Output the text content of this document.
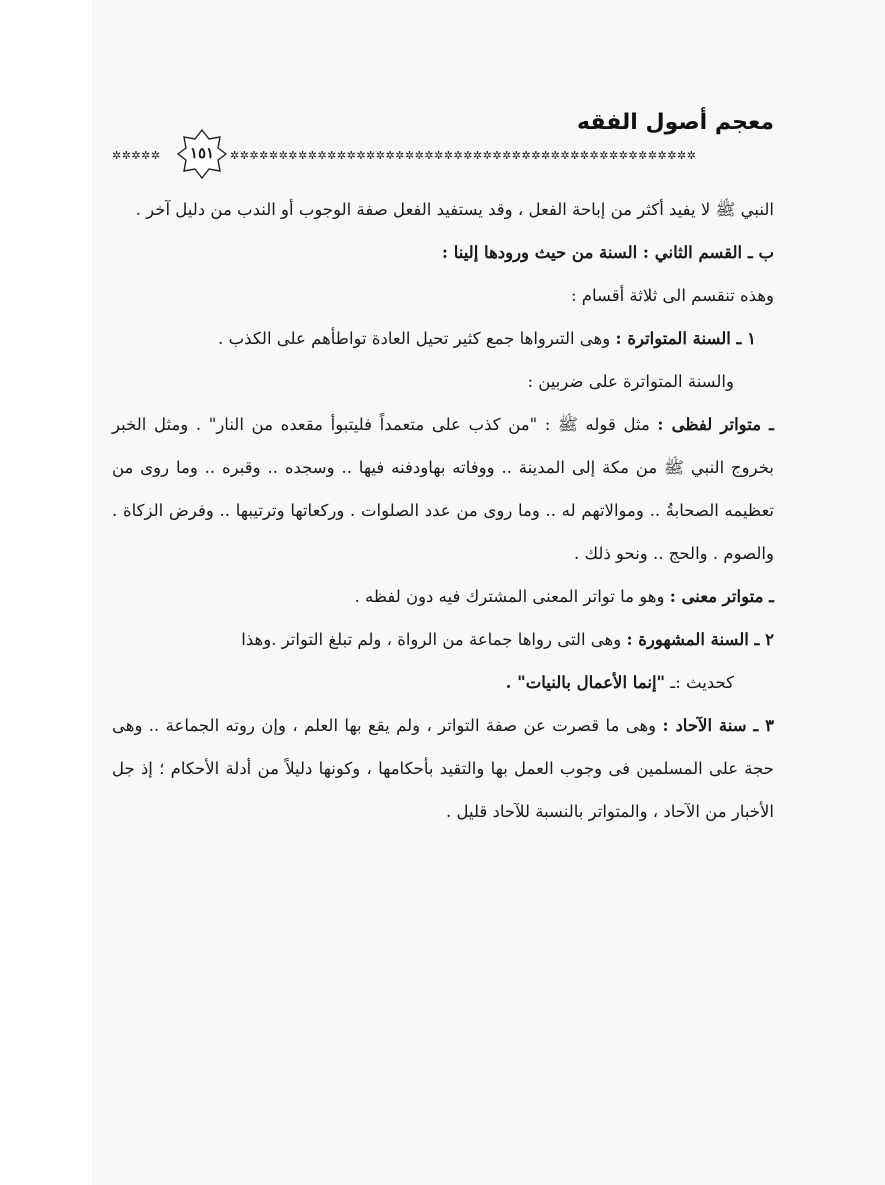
معجم أصول الفقه
✲✲✲✲✲	✲✲✲✲✲✲✲✲✲✲✲✲✲✲✲✲✲✲✲✲✲✲✲✲✲✲✲✲✲✲✲✲✲✲✲✲✲✲✲✲✲✲✲✲✲✲✲✲
١٥١

النبي ﷺ لا يفيد أكثر من إباحة الفعل ، وقد يستفيد الفعل صفة الوجوب أو الندب من دليل آخر .

ب ـ القسم الثاني : السنة من حيث ورودها إلينا :

وهذه تنقسم الى ثلاثة أقسام :

١ ـ السنة المتواترة : وهى التىرواها جمع كثير تحيل العادة تواطأهم على الكذب .

والسنة المتواترة على ضربين :

ـ متواتر لفظى : مثل قوله ﷺ : "من كذب على متعمداً فليتبوأ مقعده من النار" . ومثل الخبر بخروج النبي ﷺ من مكة إلى المدينة .. ووفاته بهاودفنه فيها .. وسجده .. وقبره .. وما روى من تعظيمه الصحابةُ .. وموالاتهم له .. وما روى من عدد الصلوات . وركعاتها وترتيبها .. وفرض الزكاة . والصوم . والحج .. ونحو ذلك .

ـ متواتر معنى : وهو ما تواتر المعنى المشترك فيه دون لفظه .

٢ ـ السنة المشهورة : وهى التى رواها جماعة من الرواة ، ولم تبلغ التواتر .وهذا

كحديث :ـ "إنما الأعمال بالنيات" .

٣ ـ سنة الآحاد : وهى ما قصرت عن صفة التواتر ، ولم يقع بها العلم ، وإن روته الجماعة .. وهى حجة على المسلمين فى وجوب العمل بها والتقيد بأحكامها ، وكونها دليلاً من أدلة الأحكام ؛ إذ جل الأخبار من الآحاد ، والمتواتر بالنسبة للآحاد قليل .
